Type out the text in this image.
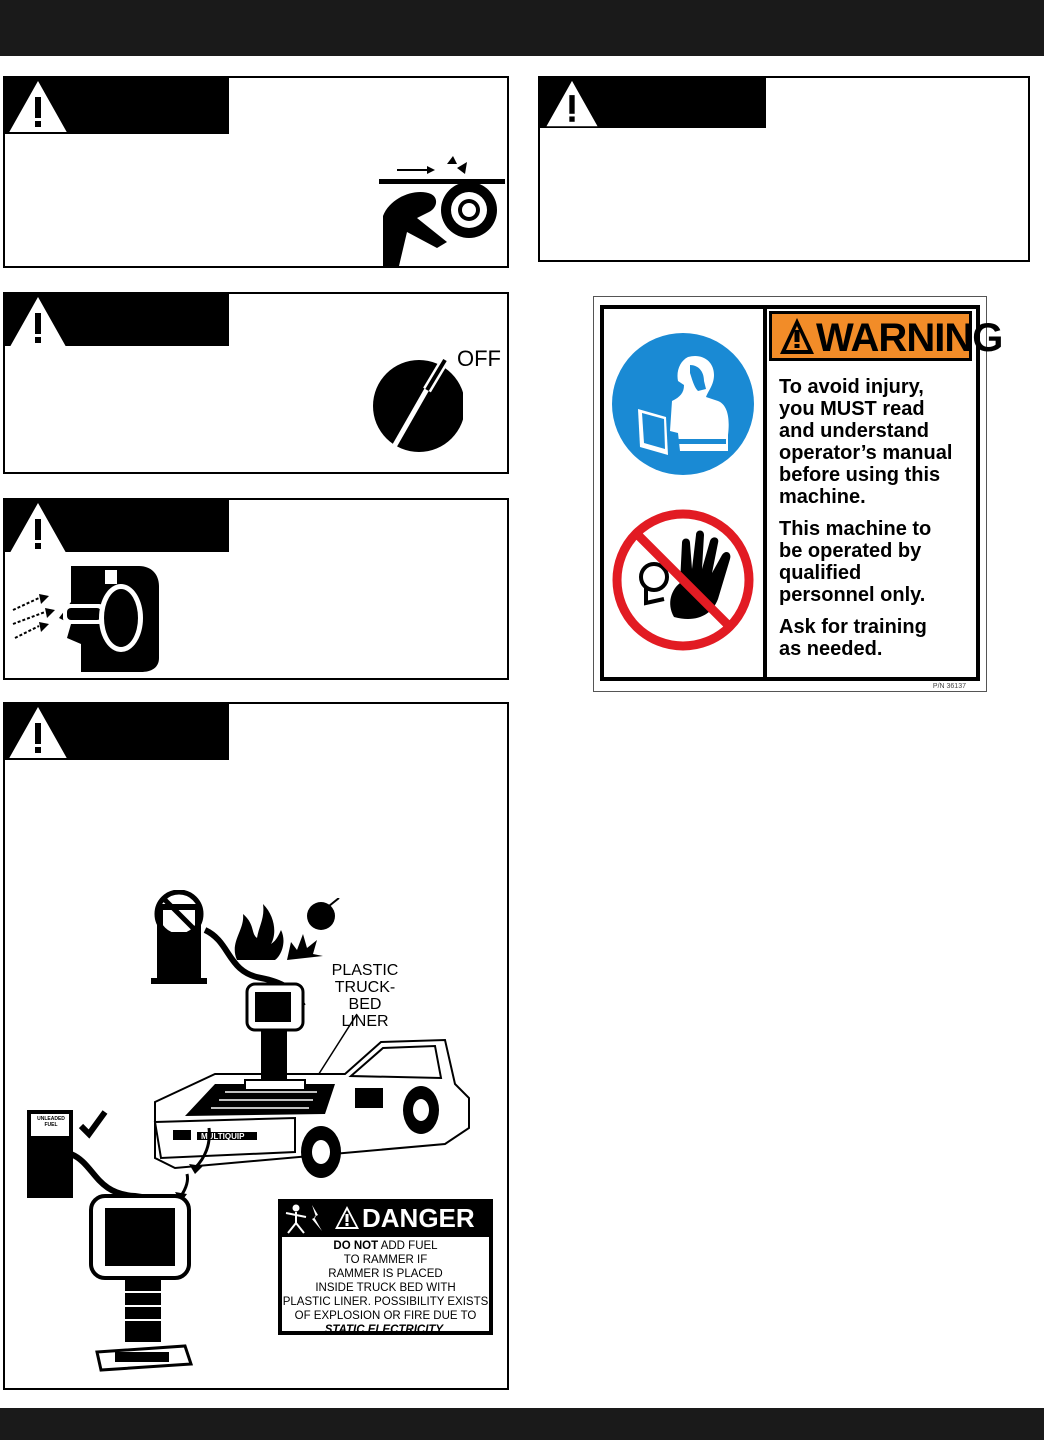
OFF
PLASTIC
TRUCK-BED
LINER
MULTIQUIP
UNLEADED FUEL
DANGER
DO NOT ADD FUEL
TO RAMMER IF
RAMMER IS PLACED
INSIDE TRUCK BED WITH
PLASTIC LINER. POSSIBILITY EXISTS
OF EXPLOSION OR FIRE DUE TO
STATIC ELECTRICITY.
WARNING
To avoid injury,
you MUST read
and understand
operator’s manual
before using this
machine.
This machine to
be operated by
qualified
personnel only.
Ask for training
as needed.
P/N 36137
